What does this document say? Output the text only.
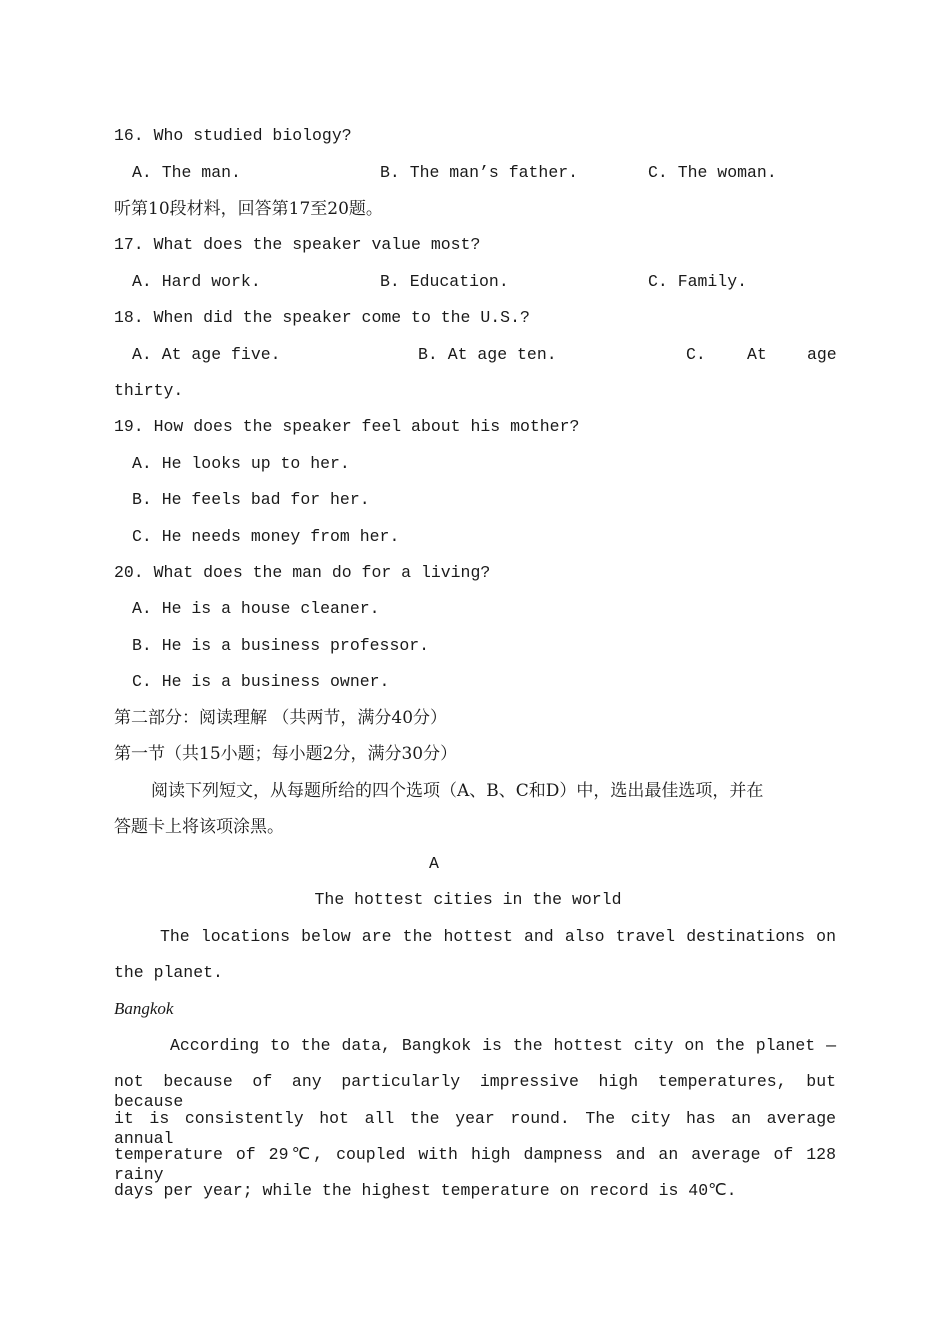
16. Who studied biology?
A. The man.	B. The man’s father.	C. The woman.
听第10段材料，回答第17至20题。
17. What does the speaker value most?
A. Hard work.	B. Education.	C. Family.
18. When did the speaker come to the U.S.?
A. At age five.	B. At age ten.	C. At age
thirty.
19. How does the speaker feel about his mother?
A. He looks up to her.
B. He feels bad for her.
C. He needs money from her.
20. What does the man do for a living?
A. He is a house cleaner.
B. He is a business professor.
C. He is a business owner.
第二部分：阅读理解 （共两节，满分40分）
第一节（共15小题；每小题2分，满分30分）
阅读下列短文，从每题所给的四个选项（A、B、C和D）中，选出最佳选项，并在
答题卡上将该项涂黑。
A
The hottest cities in the world
The locations below are the hottest and also travel destinations on
the planet.
Bangkok
According to the data, Bangkok is the hottest city on the planet —
not because of any particularly impressive high temperatures, but because
it is consistently hot all the year round. The city has an average annual
temperature of 29℃, coupled with high dampness and an average of 128 rainy
days per year; while the highest temperature on record is 40℃.
